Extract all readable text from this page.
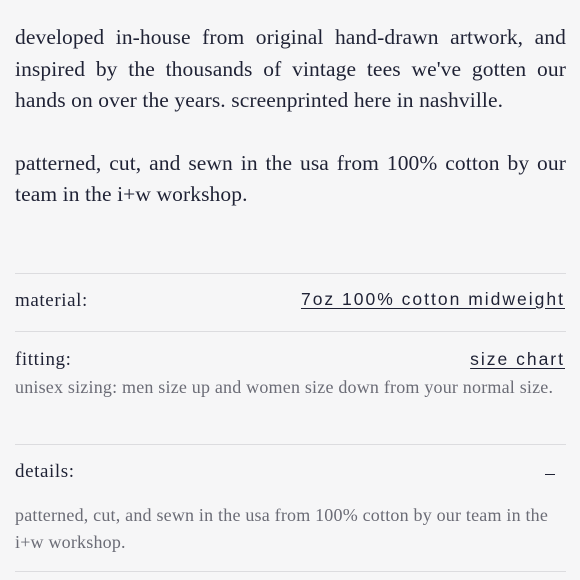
developed in-house from original hand-drawn artwork, and inspired by the thousands of vintage tees we've gotten our hands on over the years. screenprinted here in nashville.

patterned, cut, and sewn in the usa from 100% cotton by our team in the i+w workshop.

material:	7oz 100% cotton midweight
fitting:	size chart
unisex sizing: men size up and women size down from your normal size.
details:
patterned, cut, and sewn in the usa from 100% cotton by our team in the i+w workshop.
